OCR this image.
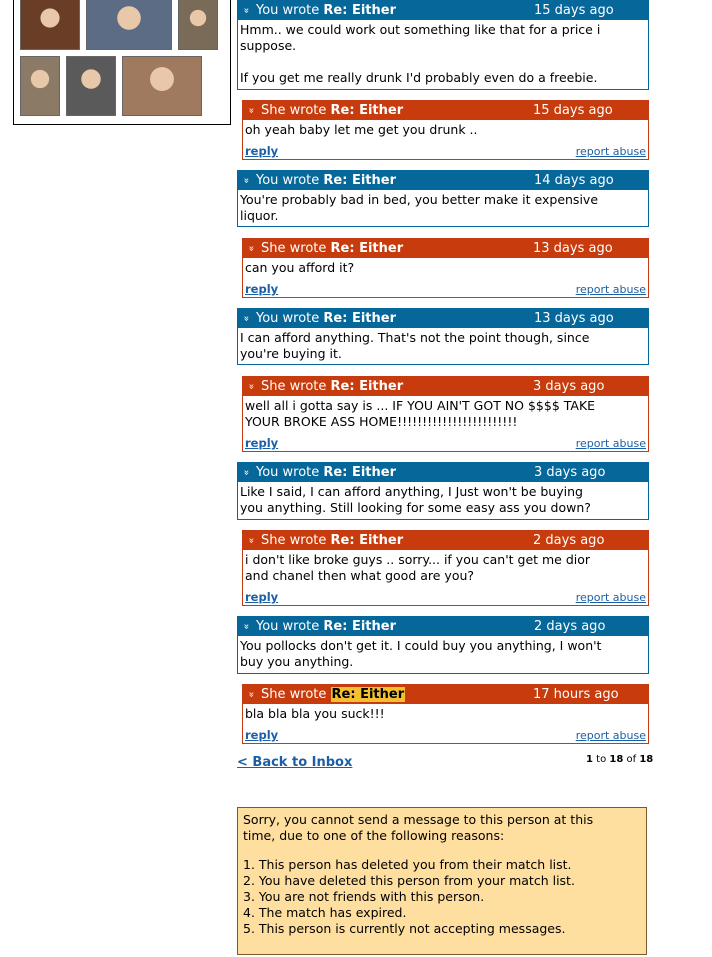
» You wrote Re: Either	15 days ago
Hmm.. we could work out something like that for a price i
suppose.
If you get me really drunk I'd probably even do a freebie.
» She wrote Re: Either	15 days ago
oh yeah baby let me get you drunk ..
reply	report abuse
» You wrote Re: Either	14 days ago
You're probably bad in bed, you better make it expensive
liquor.
» She wrote Re: Either	13 days ago
can you afford it?
reply	report abuse
» You wrote Re: Either	13 days ago
I can afford anything. That's not the point though, since
you're buying it.
» She wrote Re: Either	3 days ago
well all i gotta say is ... IF YOU AIN'T GOT NO $$$$ TAKE
YOUR BROKE ASS HOME!!!!!!!!!!!!!!!!!!!!!!!!
reply	report abuse
» You wrote Re: Either	3 days ago
Like I said, I can afford anything, I Just won't be buying
you anything. Still looking for some easy ass you down?
» She wrote Re: Either	2 days ago
i don't like broke guys .. sorry... if you can't get me dior
and chanel then what good are you?
reply	report abuse
» You wrote Re: Either	2 days ago
You pollocks don't get it. I could buy you anything, I won't
buy you anything.
» She wrote Re: Either	17 hours ago
bla bla bla you suck!!!
reply	report abuse
< Back to Inbox	1 to 18 of 18

Sorry, you cannot send a message to this person at this
time, due to one of the following reasons:

1. This person has deleted you from their match list.
2. You have deleted this person from your match list.
3. You are not friends with this person.
4. The match has expired.
5. This person is currently not accepting messages.
